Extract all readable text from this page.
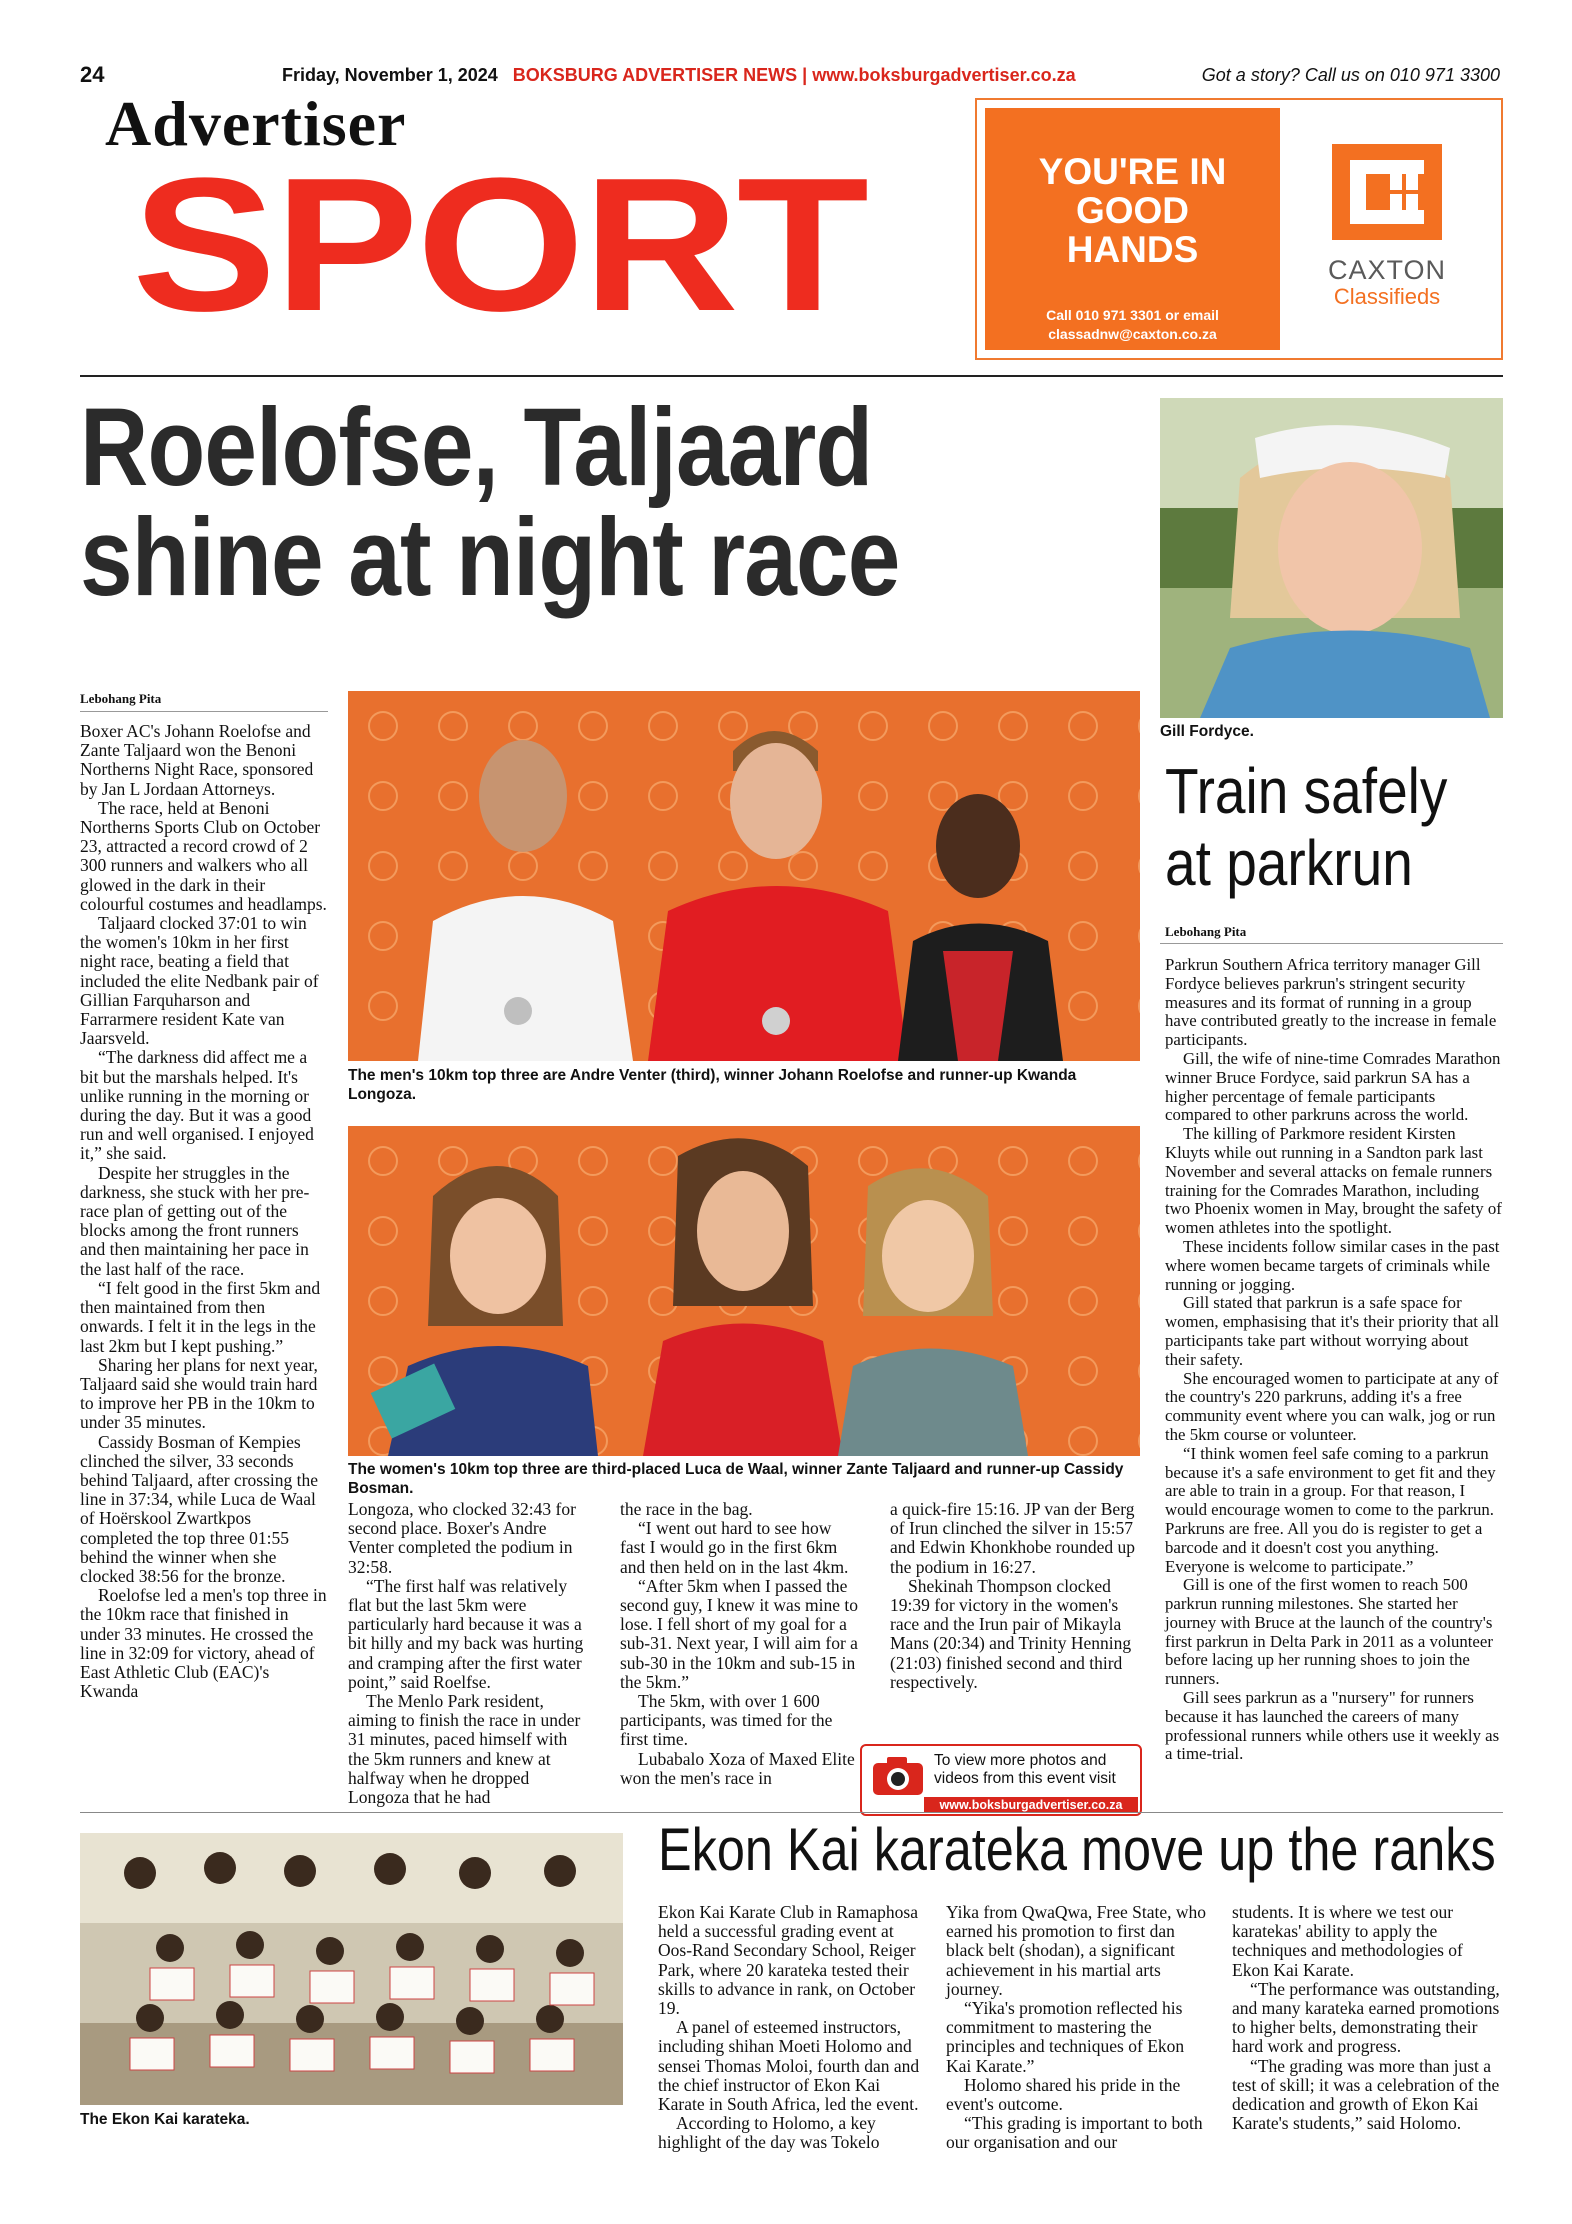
24	Friday, November 1, 2024 BOKSBURG ADVERTISER NEWS | www.boksburgadvertiser.co.za	Got a story? Call us on 010 971 3300
Advertiser
SPORT	YOU'RE IN
GOOD
HANDS
Call 010 971 3301 or email
classadnw@caxton.co.za
CAXTON
Classifieds
Roelofse, Taljaard
shine at night race
Lebohang Pita

Boxer AC's Johann Roelofse and Zante Taljaard won the Benoni Northerns Night Race, sponsored by Jan L Jordaan Attorneys.

The race, held at Benoni Northerns Sports Club on October 23, attracted a record crowd of 2 300 runners and walkers who all glowed in the dark in their colourful costumes and headlamps.

Taljaard clocked 37:01 to win the women's 10km in her first night race, beating a field that included the elite Nedbank pair of Gillian Farquharson and Farrarmere resident Kate van Jaarsveld.

“The darkness did affect me a bit but the marshals helped. It's unlike running in the morning or during the day. But it was a good run and well organised. I enjoyed it,” she said.

Despite her struggles in the darkness, she stuck with her pre-race plan of getting out of the blocks among the front runners and then maintaining her pace in the last half of the race.

“I felt good in the first 5km and then maintained from then onwards. I felt it in the legs in the last 2km but I kept pushing.”

Sharing her plans for next year, Taljaard said she would train hard to improve her PB in the 10km to under 35 minutes.

Cassidy Bosman of Kempies clinched the silver, 33 seconds behind Taljaard, after crossing the line in 37:34, while Luca de Waal of Hoërskool Zwartkpos completed the top three 01:55 behind the winner when she clocked 38:56 for the bronze.

Roelofse led a men's top three in the 10km race that finished in under 33 minutes. He crossed the line in 32:09 for victory, ahead of East Athletic Club (EAC)'s Kwanda

The men's 10km top three are Andre Venter (third), winner Johann Roelofse and runner-up Kwanda Longoza.
The women's 10km top three are third-placed Luca de Waal, winner Zante Taljaard and runner-up Cassidy Bosman.

Longoza, who clocked 32:43 for second place. Boxer's Andre Venter completed the podium in 32:58.

“The first half was relatively flat but the last 5km were particularly hard because it was a bit hilly and my back was hurting and cramping after the first water point,” said Roelfse.

The Menlo Park resident, aiming to finish the race in under 31 minutes, paced himself with the 5km runners and knew at halfway when he dropped Longoza that he had

the race in the bag.

“I went out hard to see how fast I would go in the first 6km and then held on in the last 4km.

“After 5km when I passed the second guy, I knew it was mine to lose. I fell short of my goal for a sub-31. Next year, I will aim for a sub-30 in the 10km and sub-15 in the 5km.”

The 5km, with over 1 600 participants, was timed for the first time.

Lubabalo Xoza of Maxed Elite won the men's race in

a quick-fire 15:16. JP van der Berg of Irun clinched the silver in 15:57 and Edwin Khonkhobe rounded up the podium in 16:27.

Shekinah Thompson clocked 19:39 for victory in the women's race and the Irun pair of Mikayla Mans (20:34) and Trinity Henning (21:03) finished second and third respectively.

To view more photos and
videos from this event visit
www.boksburgadvertiser.co.za
Gill Fordyce.
Train safely
at parkrun
Lebohang Pita

Parkrun Southern Africa territory manager Gill Fordyce believes parkrun's stringent security measures and its format of running in a group have contributed greatly to the increase in female participants.

Gill, the wife of nine-time Comrades Marathon winner Bruce Fordyce, said parkrun SA has a higher percentage of female participants compared to other parkruns across the world.

The killing of Parkmore resident Kirsten Kluyts while out running in a Sandton park last November and several attacks on female runners training for the Comrades Marathon, including two Phoenix women in May, brought the safety of women athletes into the spotlight.

These incidents follow similar cases in the past where women became targets of criminals while running or jogging.

Gill stated that parkrun is a safe space for women, emphasising that it's their priority that all participants take part without worrying about their safety.

She encouraged women to participate at any of the country's 220 parkruns, adding it's a free community event where you can walk, jog or run the 5km course or volunteer.

“I think women feel safe coming to a parkrun because it's a safe environment to get fit and they are able to train in a group. For that reason, I would encourage women to come to the parkrun. Parkruns are free. All you do is register to get a barcode and it doesn't cost you anything. Everyone is welcome to participate.”

Gill is one of the first women to reach 500 parkrun running milestones. She started her journey with Bruce at the launch of the country's first parkrun in Delta Park in 2011 as a volunteer before lacing up her running shoes to join the runners.

Gill sees parkrun as a "nursery" for runners because it has launched the careers of many professional runners while others use it weekly as a time-trial.

The Ekon Kai karateka.
Ekon Kai karateka move up the ranks

Ekon Kai Karate Club in Ramaphosa held a successful grading event at Oos-Rand Secondary School, Reiger Park, where 20 karateka tested their skills to advance in rank, on October 19.

A panel of esteemed instructors, including shihan Moeti Holomo and sensei Thomas Moloi, fourth dan and the chief instructor of Ekon Kai Karate in South Africa, led the event.

According to Holomo, a key highlight of the day was Tokelo

Yika from QwaQwa, Free State, who earned his promotion to first dan black belt (shodan), a significant achievement in his martial arts journey.

“Yika's promotion reflected his commitment to mastering the principles and techniques of Ekon Kai Karate.”

Holomo shared his pride in the event's outcome.

“This grading is important to both our organisation and our

students. It is where we test our karatekas' ability to apply the techniques and methodologies of Ekon Kai Karate.

“The performance was outstanding, and many karateka earned promotions to higher belts, demonstrating their hard work and progress.

“The grading was more than just a test of skill; it was a celebration of the dedication and growth of Ekon Kai Karate's students,” said Holomo.
